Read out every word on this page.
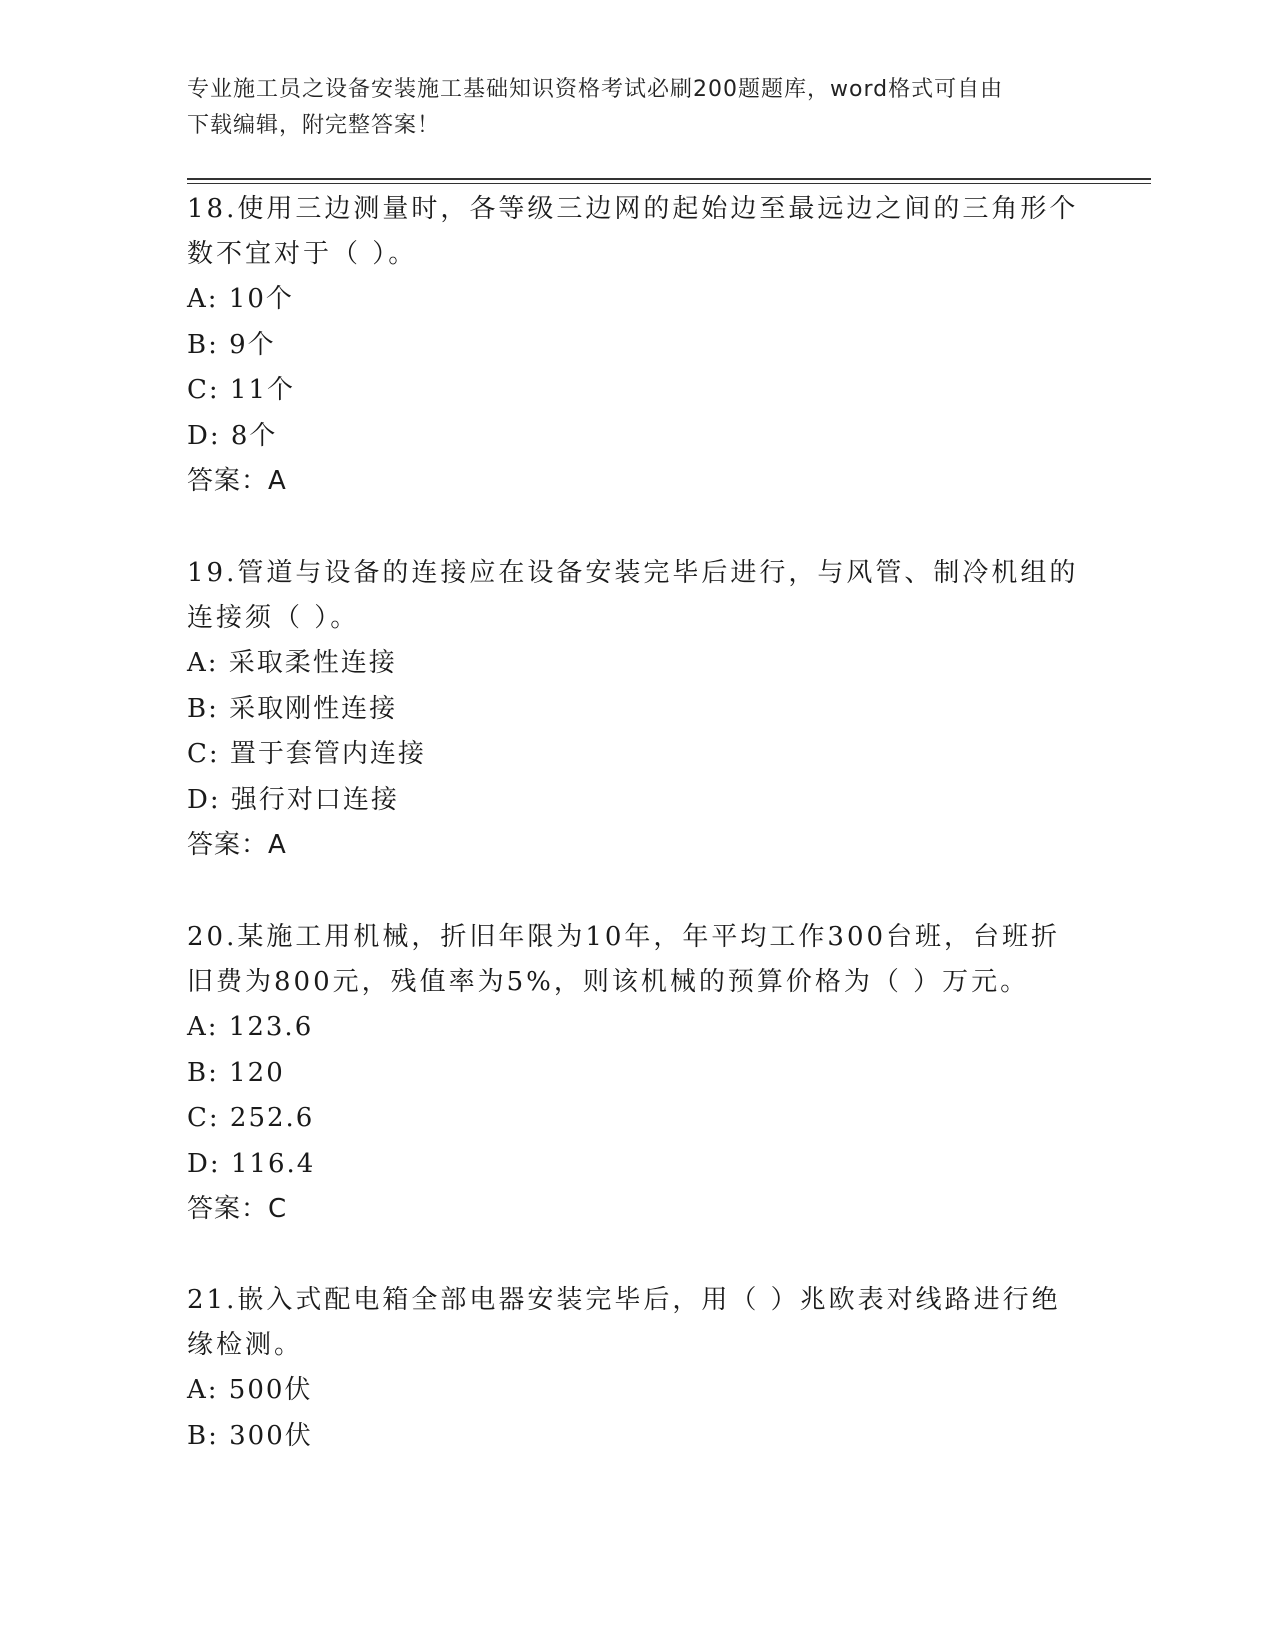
专业施工员之设备安装施工基础知识资格考试必刷200题题库，word格式可自由
下载编辑，附完整答案！

18.使用三边测量时，各等级三边网的起始边至最远边之间的三角形个

数不宜对于（ ）。

A: 10个

B: 9个

C: 11个

D: 8个

答案：A

19.管道与设备的连接应在设备安装完毕后进行，与风管、制冷机组的

连接须（ ）。

A: 采取柔性连接

B: 采取刚性连接

C: 置于套管内连接

D: 强行对口连接

答案：A

20.某施工用机械，折旧年限为10年，年平均工作300台班，台班折

旧费为800元，残值率为5%，则该机械的预算价格为（ ）万元。

A: 123.6

B: 120

C: 252.6

D: 116.4

答案：C

21.嵌入式配电箱全部电器安装完毕后，用（ ）兆欧表对线路进行绝

缘检测。

A: 500伏

B: 300伏
